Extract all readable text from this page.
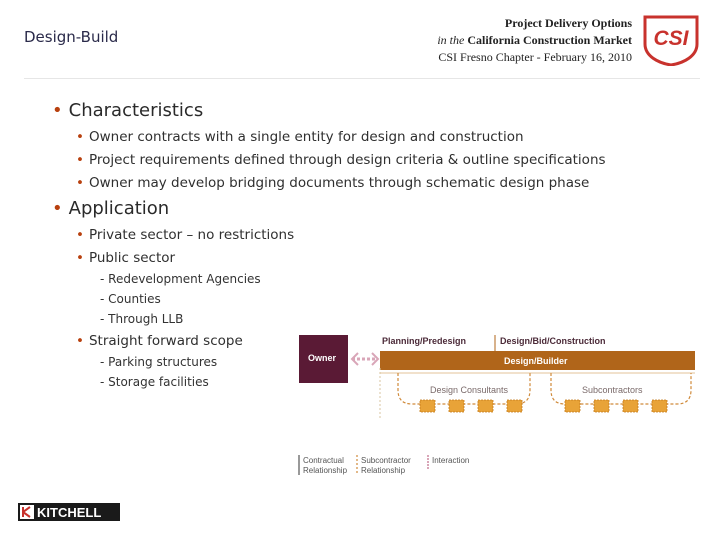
Design-Build
Project Delivery Options
in the California Construction Market
CSI Fresno Chapter - February 16, 2010
CSI
• Characteristics
• Owner contracts with a single entity for design and construction
• Project requirements defined through design criteria & outline specifications
• Owner may develop bridging documents through schematic design phase
• Application
• Private sector – no restrictions
• Public sector
- Redevelopment Agencies
- Counties
- Through LLB
• Straight forward scope
- Parking structures
- Storage facilities
Owner
Planning/Predesign	Design/Bid/Construction
Design/Builder
Design Consultants	Subcontractors
Contractual
Relationship
Subcontractor
Relationship
Interaction
KITCHELL
